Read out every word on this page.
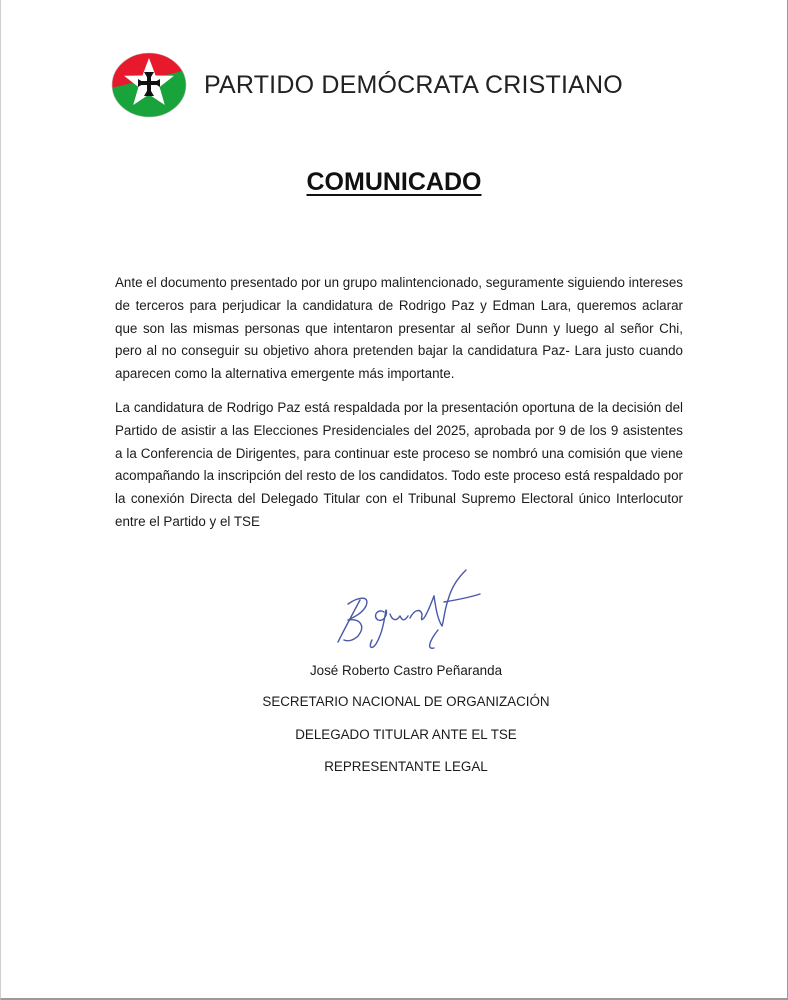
PARTIDO DEMÓCRATA CRISTIANO
COMUNICADO

Ante el documento presentado por un grupo malintencionado, seguramente siguiendo intereses de terceros para perjudicar la candidatura de Rodrigo Paz y Edman Lara, queremos aclarar que son las mismas personas que intentaron presentar al señor Dunn y luego al señor Chi, pero al no conseguir su objetivo ahora pretenden bajar la candidatura Paz- Lara justo cuando aparecen como la alternativa emergente más importante.

La candidatura de Rodrigo Paz está respaldada por la presentación oportuna de la decisión del Partido de asistir a las Elecciones Presidenciales del 2025, aprobada por 9 de los 9 asistentes a la Conferencia de Dirigentes, para continuar este proceso se nombró una comisión que viene acompañando la inscripción del resto de los candidatos. Todo este proceso está respaldado por la conexión Directa del Delegado Titular con el Tribunal Supremo Electoral único Interlocutor entre el Partido y el TSE

José Roberto Castro Peñaranda
SECRETARIO NACIONAL DE ORGANIZACIÓN
DELEGADO TITULAR ANTE EL TSE
REPRESENTANTE LEGAL
